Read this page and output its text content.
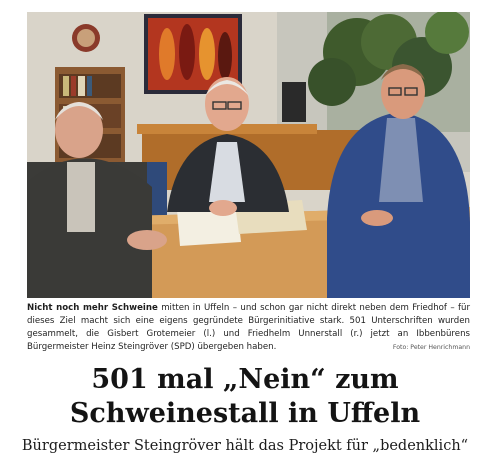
Nicht noch mehr Schweine mitten in Uffeln – und schon gar nicht direkt neben dem Friedhof – für dieses Ziel macht sich eine eigens gegründete Bürgerinitiative stark. 501 Unterschriften wurden gesammelt, die Gisbert Grotemeier (l.) und Friedhelm Unnerstall (r.) jetzt an Ibbenbürens Bürgermeister Heinz Steingröver (SPD) übergeben haben.	Foto: Peter Henrichmann
501 mal „Nein“ zum
Schweinestall in Uffeln

Bürgermeister Steingröver hält das Projekt für „bedenklich“
